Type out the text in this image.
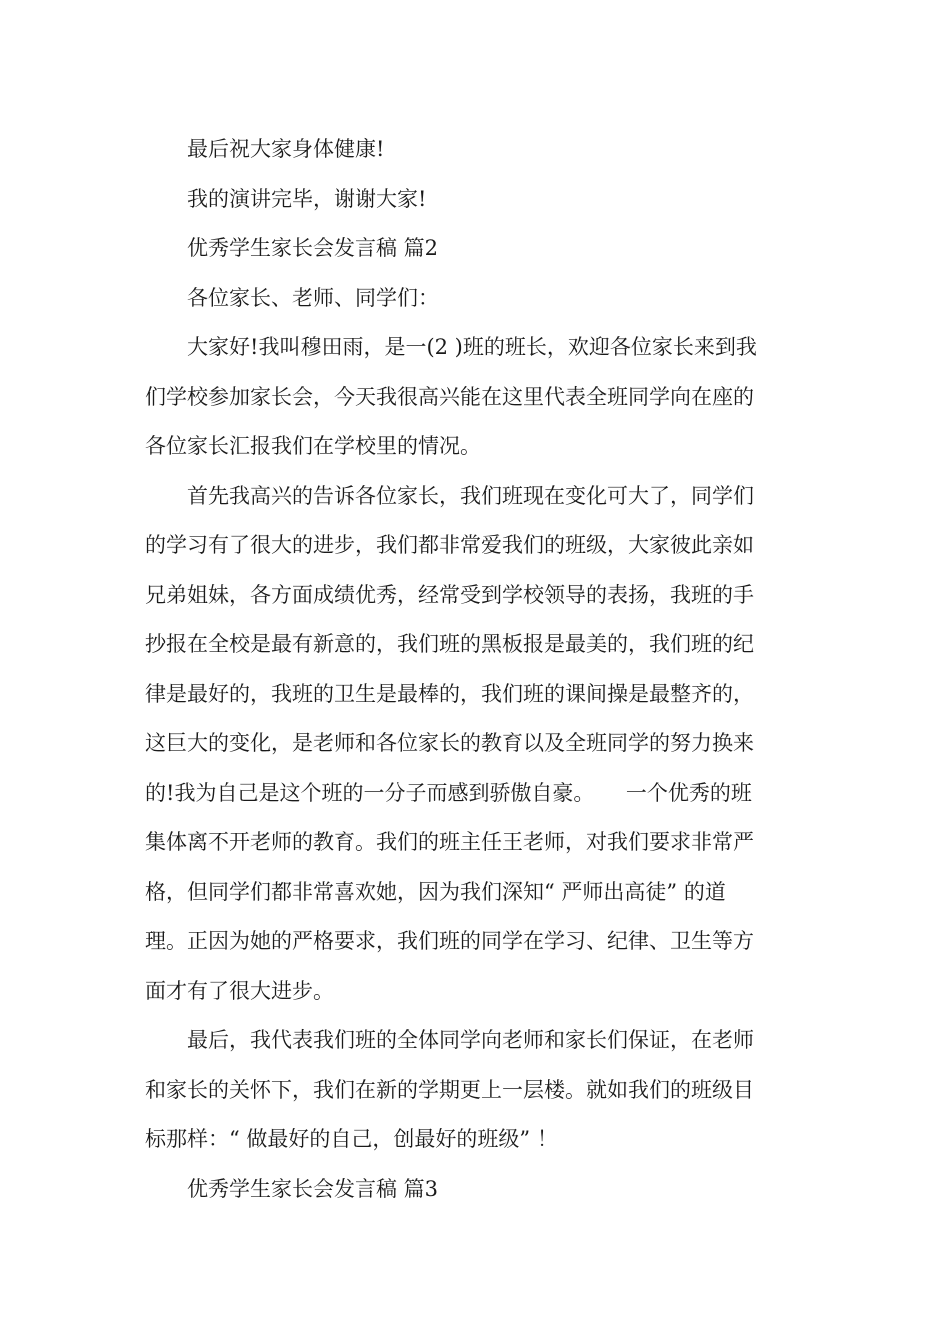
　　最后祝大家身体健康!
　　我的演讲完毕，谢谢大家!
　　优秀学生家长会发言稿 篇2
　　各位家长、老师、同学们：
　　大家好!我叫穆田雨，是一(2 )班的班长，欢迎各位家长来到我
们学校参加家长会，今天我很高兴能在这里代表全班同学向在座的
各位家长汇报我们在学校里的情况。
　　首先我高兴的告诉各位家长，我们班现在变化可大了，同学们
的学习有了很大的进步，我们都非常爱我们的班级，大家彼此亲如
兄弟姐妹，各方面成绩优秀，经常受到学校领导的表扬，我班的手
抄报在全校是最有新意的，我们班的黑板报是最美的，我们班的纪
律是最好的，我班的卫生是最棒的，我们班的课间操是最整齐的，
这巨大的变化，是老师和各位家长的教育以及全班同学的努力换来
的!我为自己是这个班的一分子而感到骄傲自豪。　　一个优秀的班
集体离不开老师的教育。我们的班主任王老师，对我们要求非常严
格，但同学们都非常喜欢她，因为我们深知“ 严师出高徒” 的道
理。正因为她的严格要求，我们班的同学在学习、纪律、卫生等方
面才有了很大进步。
　　最后，我代表我们班的全体同学向老师和家长们保证，在老师
和家长的关怀下，我们在新的学期更上一层楼。就如我们的班级目
标那样：“ 做最好的自己，创最好的班级” ！
　　优秀学生家长会发言稿 篇3
